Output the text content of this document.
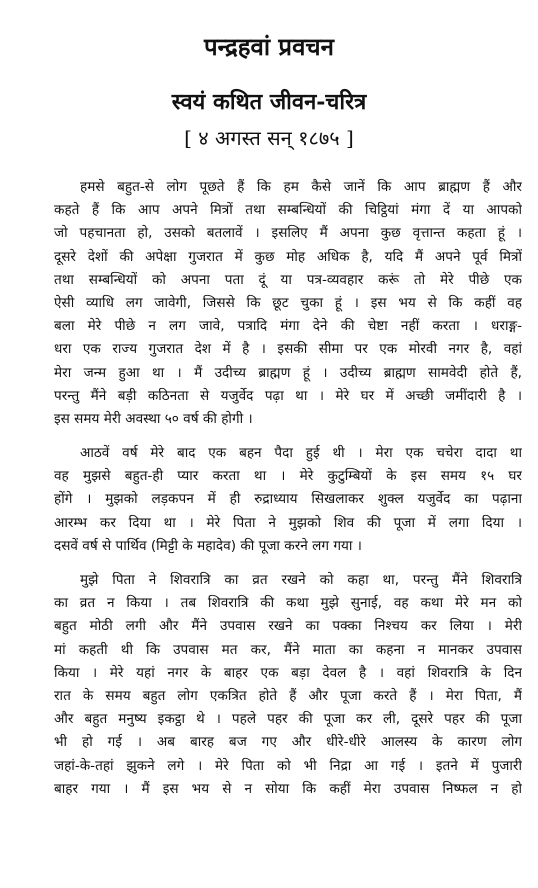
पन्द्रहवां प्रवचन
स्वयं कथित जीवन-चरित्र
[ ४ अगस्त सन् १८७५ ]
हमसे बहुत-से लोग पूछते हैं कि हम कैसे जानें कि आप ब्राह्मण हैं और
कहते हैं कि आप अपने मित्रों तथा सम्बन्धियों की चिट्ठियां मंगा दें या आपको
जो पहचानता हो, उसको बतलावें । इसलिए मैं अपना कुछ वृत्तान्त कहता हूं ।
दूसरे देशों की अपेक्षा गुजरात में कुछ मोह अधिक है, यदि मैं अपने पूर्व मित्रों
तथा सम्बन्धियों को अपना पता दूं या पत्र-व्यवहार करूं तो मेरे पीछे एक
ऐसी व्याधि लग जावेगी, जिससे कि छूट चुका हूं । इस भय से कि कहीं वह
बला मेरे पीछे न लग जावे, पत्रादि मंगा देने की चेष्टा नहीं करता । धराङ्ग-
धरा एक राज्य गुजरात देश में है । इसकी सीमा पर एक मोरवी नगर है, वहां
मेरा जन्म हुआ था । मैं उदीच्य ब्राह्मण हूं । उदीच्य ब्राह्मण सामवेदी होते हैं,
परन्तु मैंने बड़ी कठिनता से यजुर्वेद पढ़ा था । मेरे घर में अच्छी जमींदारी है ।
इस समय मेरी अवस्था ५० वर्ष की होगी ।
आठवें वर्ष मेरे बाद एक बहन पैदा हुई थी । मेरा एक चचेरा दादा था
वह मुझसे बहुत-ही प्यार करता था । मेरे कुटुम्बियों के इस समय १५ घर
होंगे । मुझको लड़कपन में ही रुद्राध्याय सिखलाकर शुक्ल यजुर्वेद का पढ़ाना
आरम्भ कर दिया था । मेरे पिता ने मुझको शिव की पूजा में लगा दिया ।
दसवें वर्ष से पार्थिव (मिट्टी के महादेव) की पूजा करने लग गया ।
मुझे पिता ने शिवरात्रि का व्रत रखने को कहा था, परन्तु मैंने शिवरात्रि
का व्रत न किया । तब शिवरात्रि की कथा मुझे सुनाई, वह कथा मेरे मन को
बहुत मोठी लगी और मैंने उपवास रखने का पक्का निश्चय कर लिया । मेरी
मां कहती थी कि उपवास मत कर, मैंने माता का कहना न मानकर उपवास
किया । मेरे यहां नगर के बाहर एक बड़ा देवल है । वहां शिवरात्रि के दिन
रात के समय बहुत लोग एकत्रित होते हैं और पूजा करते हैं । मेरा पिता, मैं
और बहुत मनुष्य इकट्ठा थे । पहले पहर की पूजा कर ली, दूसरे पहर की पूजा
भी हो गई । अब बारह बज गए और धीरे-धीरे आलस्य के कारण लोग
जहां-के-तहां झुकने लगे । मेरे पिता को भी निद्रा आ गई । इतने में पुजारी
बाहर गया । मैं इस भय से न सोया कि कहीं मेरा उपवास निष्फल न हो
